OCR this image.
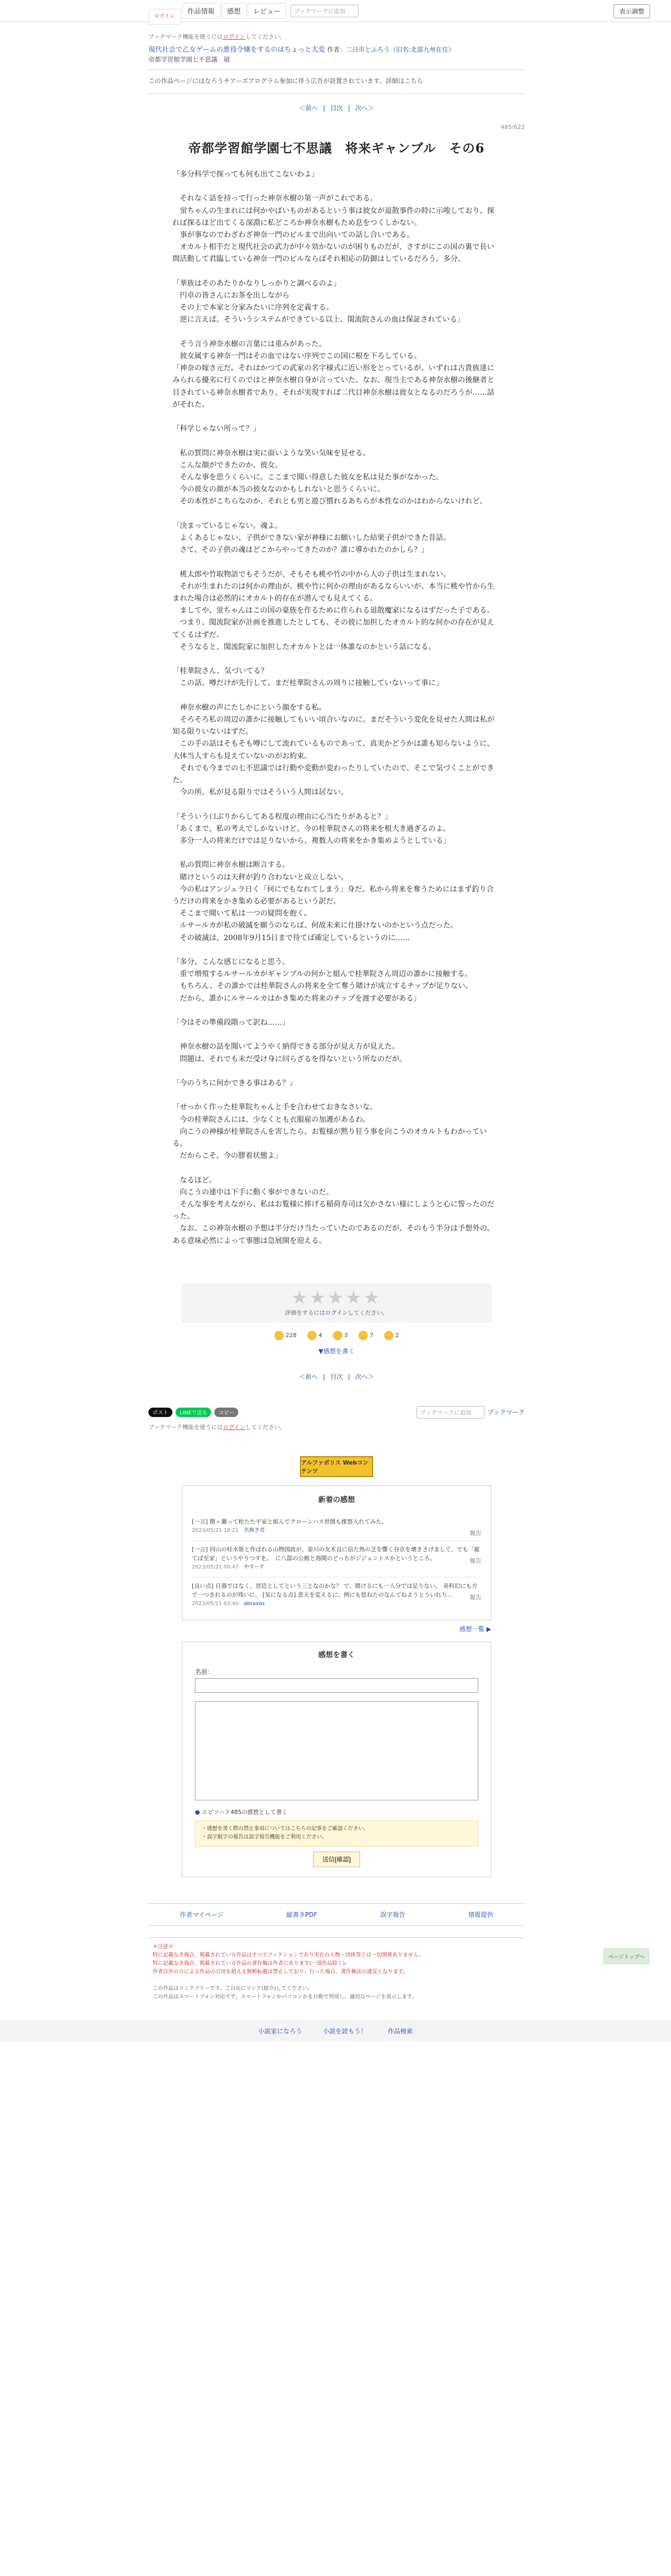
ログイン
作品情報	感想	レビュー	ブックマークに追加	表示調整
ブックマーク機能を使うにはログインしてください。
現代社会で乙女ゲームの悪役令嬢をするのはちょっと大変 作者：二日市とふろう（旧名:北部九州在住）
帝都学習館学園七不思議　破
この作品ページにはなろうチアーズプログラム参加に伴う広告が設置されています。詳細はこちら
＜前へ | 目次 | 次へ＞
485/622
帝都学習館学園七不思議　将来ギャンブル　その6

「多分科学で探っても何も出てこないわよ」

　それなく話を持って行った神奈水樹の第一声がこれである。

　蛍ちゃんの生まれには何かやばいものがあるという事は彼女が退散事件の時に示唆しており、探れば探るほど出てくる深淵に私どころか神奈水樹もため息をつくしかない。

　事が事なのでわざわざ神奈一門のビルまで出向いての話し合いである。

　オカルト相手だと現代社会の武力が中々効かないのが困りものだが、さすがにこの国の裏で長い間活動して君臨している神奈一門のビルならばそれ相応の防御はしているだろう。多分。

「華族はそのあたりかなりしっかりと調べるのよ」

　円卓の皆さんにお茶を出しながら

　その上で本家と分家みたいに序列を定義する。

　逆に言えば、そういうシステムができている以上、閨流院さんの血は保証されている」

　そう言う神奈水樹の言葉には重みがあった。

　彼女属する神奈一門はその血ではない序列でこの国に根を下ろしている。

「神奈の嫁さ元だ。それはかつての武家の名字様式に近い形をとっているが、いずれは古貴族達にみられる優劣に行くのではと神奈水樹自身が言っていた。なお、現当主である神奈水樹の後継者と目されている神奈水樹者であり、それが実現すれば二代目神奈水樹は彼女となるのだろうが……話がそれた。

「科学じゃない所って？」

　私の質問に神奈水樹は実に面いような笑い気味を見せる。

　こんな顔ができたのか、彼女。

　そんな事を思うくらいに。ここまで聞い得意した彼女を私は見た事がなかった。

　今の彼女の顔が本当の彼女なのかもしれないと思うくらいに。

　その本性がこちらなのか、それとも男と遊び慣れるあちらが本性なのかはわからないけれど。

「決まっているじゃない。魂よ。

　よくあるじゃない、子供ができない家が神様にお願いした結果子供ができた昔話。

　さて、その子供の魂はどこからやってきたのか？誰に導かれたのかしら？」

　桃太郎や竹取物語でもそうだが、そもそも桃や竹の中から人の子供は生まれない。

　それが生まれたのは何かの理由が、桃や竹に何かの理由があるならいいが、本当に桃や竹から生まれた場合は必然的にオカルト的存在が潜んでも見えてくる。

　ましてや、蛍ちゃんはこの国の豪族を作るために作られる退散魔家になるはずだった子である。

　つまり、閨流院家が計画を推進したとしても、その彼に加担したオカルト的な何かの存在が見えてくるはずだ。

　そうなると、閨流院家に加担したオカルトとは一体誰なのかという話になる。

「桂華院さん、気づいてる？

　この話、噂だけが先行して、まだ桂華院さんの周りに接触していないって事に」

　神奈水樹の声にたしかにという顔をする私。

　そろそろ私の周辺の誰かに接触してもいい頃合いなのに、まだそういう変化を見せた人間は私が知る限りいないはずだ。

　この手の話はそもそも噂にして流れているものであって、真実かどうかは誰も知らないように、大体当人すらも見えていないのがお約束。

　それでも今までの七不思議では行動や変動が変わったりしていたので、そこで気づくことができた。

　今の所、私が見る限りではそういう人間は居ない。

「そういう口ぶりからしてある程度の理由に心当たりがあると？」

「あくまで、私の考えでしかないけど、今の桂華院さんの将来を根大き過ぎるのよ。

　多分一人の将来だけでは足りないから、複数人の将来をかき集めようとしている」

　私の質問に神奈水樹は断言する。

　賭けというのは天秤が釣り合わないと成立しない。

　今の私はアンジェラ日く「何にでもなれてしまう」身だ。私から将来を奪うためにはまず釣り合うだけの将来をかき集める必要があるという訳だ。

　そこまで聞いて私は一つの疑問を抱く。

　ルサールカが私の破滅を願うのならば、何故未来に仕掛けないのかという点だった。

　その破滅は、2008年9月15日まで待てば確定しているというのに……

「多分、こんな感じになると思う。

　重で増殖するルサールカがギャンブルの何かと組んで桂華院さん周辺の誰かに接触する。

　もちろん、その誰かでは桂華院さんの将来を全て奪う賭けが成立するチップが足りない。

　だから、誰かにルサールカはかき集めた将来のチップを渡す必要がある」

「今はその準備段階って訳ね……」

　神奈水樹の話を聞いてようやく納得できる部分が見え方が見えた。

　問題は、それでも未だ受け身に回らざるを得ないという所なのだが。

「今のうちに何かできる事はある？」

「せっかく作った桂華院ちゃんと手を合わせておきなさいな。

　今の桂華院さんには、少なくとも衣服雇の加護があるわ。

　向こうの神様が桂華院さんを害したら、お覧様が黙り狂う事を向こうのオカルトもわかっている。

　だからこそ、今の膠着状態よ」

　なるほど。

　向こうの連中は下手に動く事ができないのだ。

　そんな事を考えながら、私はお覧様に捧げる稲荷寿司は欠かさない様にしようと心に誓ったのだった。

　なお、この神奈水樹の予想は半分だけ当たっていたのであるのだが、そのもう半分は予想外の、ある意味必然によって事態は急展開を迎える。

★★★★★
評価をするにはログインしてください。
228	4	3	7	2
▼感想を書く
＜前へ | 目次 | 次へ＞
ポスト	LINEで送る	コピー	ブックマークに追加	ブックマーク
ブックマーク機能を使うにはログインしてください。
アルファポリス Webコンテンツ
新着の感想
[一言] 賭ヶ瀬って桁たた平家と組んでクローンハス世間も推察入れてみた。
2023/05/21 18:21　 名無き者	報告
[一言] 同山の桂水姫と作ぱれる山物国政が、泰川の友木良に信た熟の芝を響く谷京を壊きさげまして、でも「雇てば至家」というやりつすを。　に八邸の公館と海間のどっちがジジェントスかというところ。
2023/05/21 00:47　 やすーす
報告
[良い点] 自器ではなく、宮廷としてという三となのかな？ で、賭けるにも一人分では足りない。 弟科幻にも方で一つきれるのが残いに。 [気になる点] 悲天を変えるに、例にも悠ねたのなんてねようとういれり...
2023/05/21 03:40　 abraxas
報告
感想一覧 ▶
感想を書く
名前：
● エピソード485の感想として書く
・感想を書く際の禁止事項についてはこちらの記事をご確認ください。
・誤字脱字の報告は誤字報告機能をご利用ください。
送信[確認]
作者マイページ	縦書きPDF	誤字報告	情報提供
＊注意＊
特に記載なき場合、掲載されている作品はすべてフィクションであり実在の人物・団体等とは一切関係ありません。
特に記載なき場合、掲載されている作品の著作権は作者にあります(一部作品除く)。
作者以外の方による作品の引用を超える無断転載は禁止しており、行った場合、著作権法の違反となります。
この作品はリンクフリーです。ご自由にリンク(紹介)してください。
この作品はスマートフォン対応です。スマートフォンかパソコンかを自動で判別し、適切なページを表示します。
小説家になろう	小説を読もう！	作品検索
ページトップへ
